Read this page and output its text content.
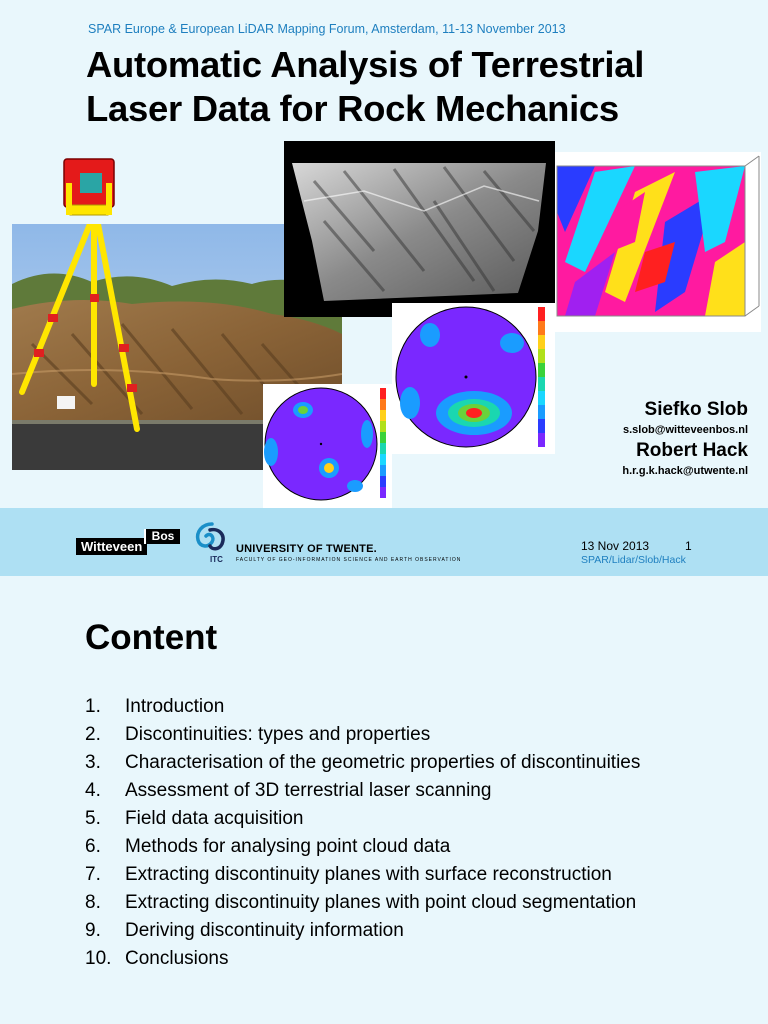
SPAR Europe & European LiDAR Mapping Forum, Amsterdam, 11-13 November 2013
Automatic Analysis of Terrestrial
Laser Data for Rock Mechanics
Siefko Slob
s.slob@witteveenbos.nl
Robert Hack
h.r.g.k.hack@utwente.nl
Witteveen
Bos
ITC
UNIVERSITY OF TWENTE.
FACULTY OF GEO-INFORMATION SCIENCE AND EARTH OBSERVATION
13 Nov 2013	1
SPAR/Lidar/Slob/Hack
Content
1.	Introduction
2.	Discontinuities: types and properties
3.	Characterisation of the geometric properties of discontinuities
4.	Assessment of 3D terrestrial laser scanning
5.	Field data acquisition
6.	Methods for analysing point cloud data
7.	Extracting discontinuity planes with surface reconstruction
8.	Extracting discontinuity planes with point cloud segmentation
9.	Deriving discontinuity information
10. Conclusions
